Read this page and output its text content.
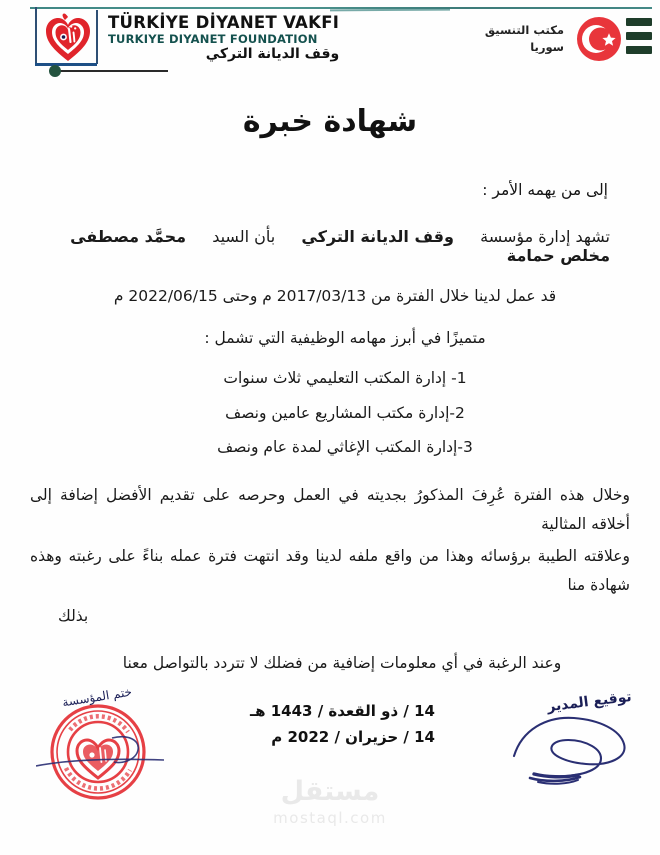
TÜRKİYE DİYANET VAKFI
TURKIYE DIYANET FOUNDATION
وقف الديانة التركي
مكتب التنسيق
سوريا
شهادة خبرة
إلى من يهمه الأمر :
تشهد إدارة مؤسسة  وقف الديانة التركي  بأن السيد  محمَّد مصطفى مخلص حمامة
قد عمل لدينا خلال الفترة من 2017/03/13 م وحتى 2022/06/15 م
متميزًا في أبرز مهامه الوظيفية التي تشمل :
1- إدارة المكتب التعليمي ثلاث سنوات
2-إدارة مكتب المشاريع عامين ونصف
3-إدارة المكتب الإغاثي لمدة عام ونصف
وخلال هذه الفترة عُرِفَ المذكورُ بجديته في العمل وحرصه على تقديم الأفضل إضافة إلى أخلاقه المثالية
وعلاقته الطيبة برؤسائه وهذا من واقع ملفه لدينا وقد انتهت فترة عمله بناءً على رغبته وهذه شهادة منا
بذلك
وعند الرغبة في أي معلومات إضافية من فضلك لا تتردد بالتواصل معنا
14 / ذو القعدة / 1443 هـ
14 / حزيران / 2022 م
توقيع المدير
ختم المؤسسة
مستقل
mostaql.com
